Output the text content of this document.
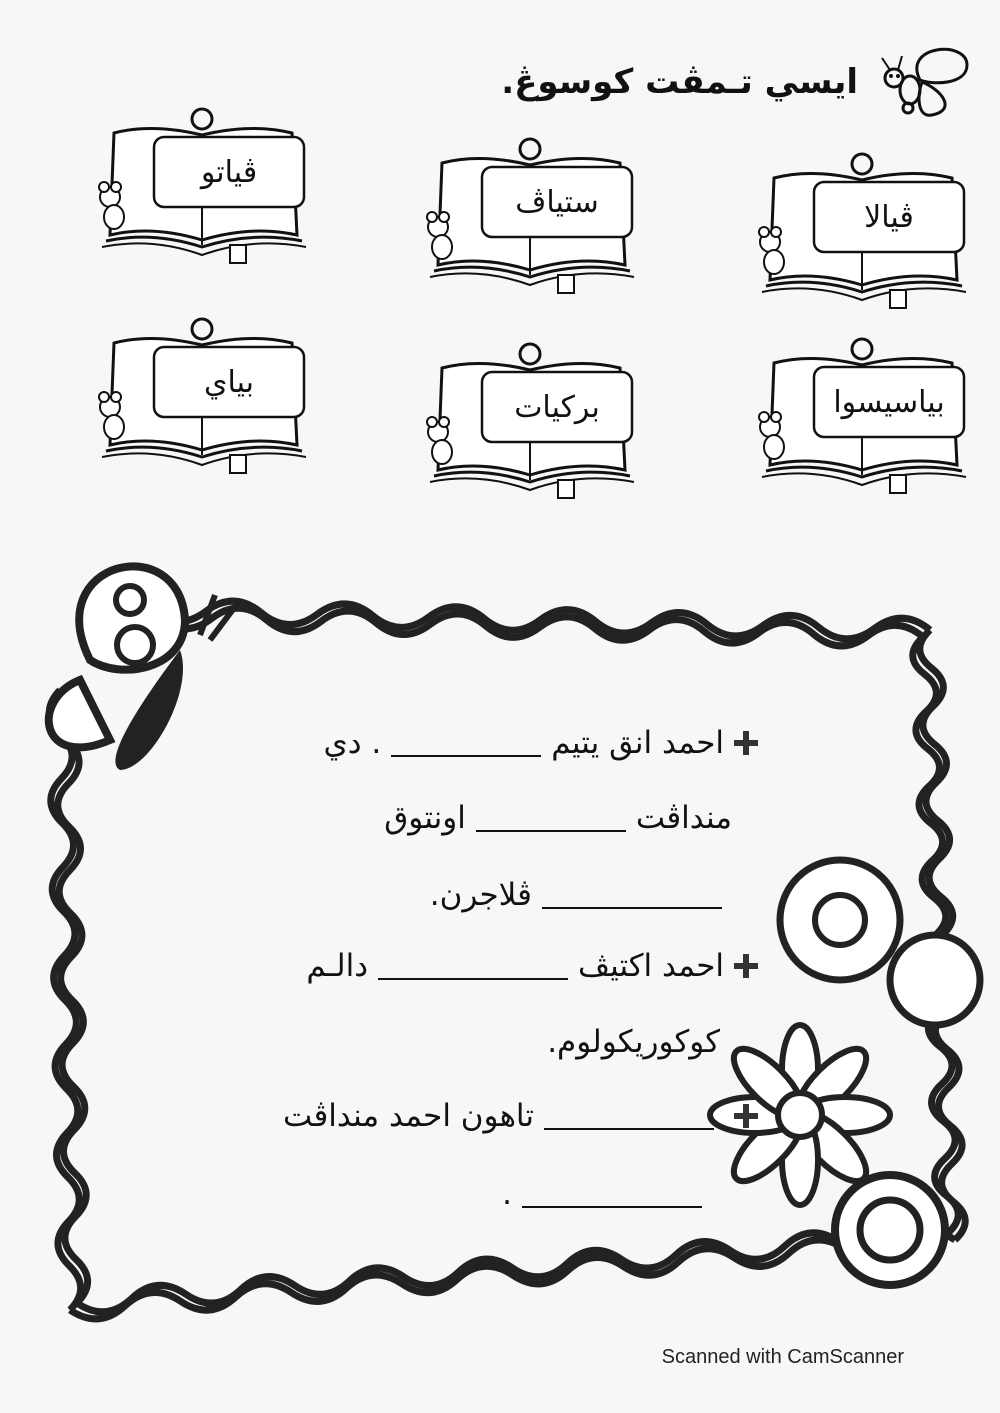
ايسي تـمڤت كوسوڠ.
ڤيالا
ستياڤ
ڤياتو
بياسيسوا
بركيات
بياي
احمد انق يتيم
. دي
منداڤت
اونتوق
ڤلاجرن.
احمد اكتيڤ
دالـم
كوكوريكولوم.
تاهون احمد منداڤت
.
Scanned with CamScanner
